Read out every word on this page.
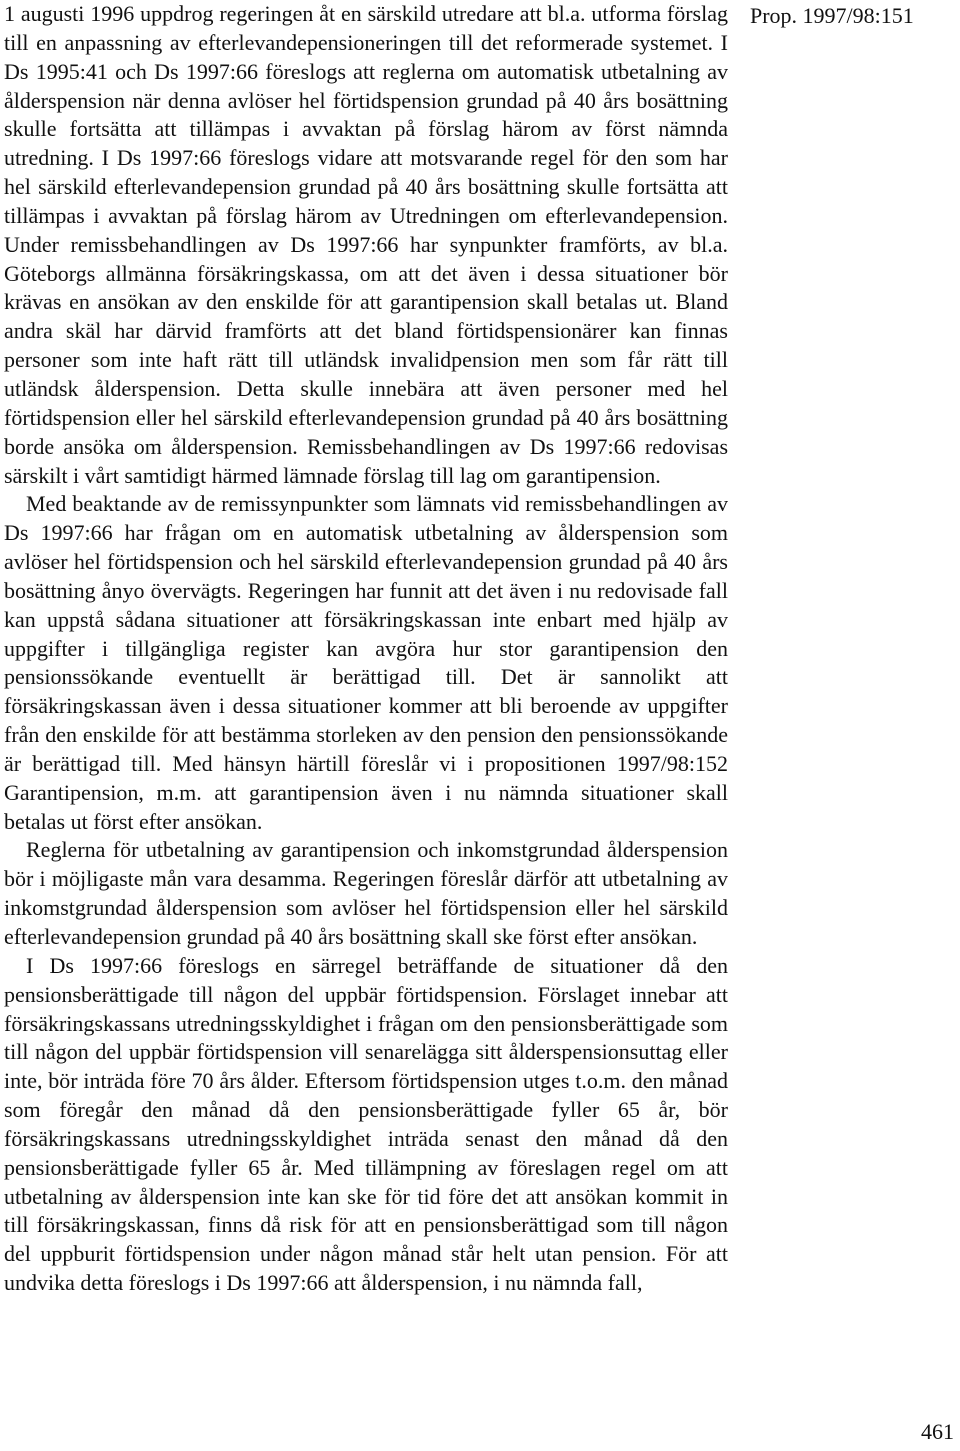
Prop. 1997/98:151

1 augusti 1996 uppdrog regeringen åt en särskild utredare att bl.a. utforma förslag till en anpassning av efterlevandepensioneringen till det reformerade systemet. I Ds 1995:41 och Ds 1997:66 föreslogs att reglerna om automatisk utbetalning av ålderspension när denna avlöser hel förtidspension grundad på 40 års bosättning skulle fortsätta att tillämpas i avvaktan på förslag härom av först nämnda utredning. I Ds 1997:66 föreslogs vidare att motsvarande regel för den som har hel särskild efterlevandepension grundad på 40 års bosättning skulle fortsätta att tillämpas i avvaktan på förslag härom av Utredningen om efterlevandepension. Under remissbehandlingen av Ds 1997:66 har synpunkter framförts, av bl.a. Göteborgs allmänna försäkringskassa, om att det även i dessa situationer bör krävas en ansökan av den enskilde för att garantipension skall betalas ut. Bland andra skäl har därvid framförts att det bland förtidspensionärer kan finnas personer som inte haft rätt till utländsk invalidpension men som får rätt till utländsk ålderspension. Detta skulle innebära att även personer med hel förtidspension eller hel särskild efterlevandepension grundad på 40 års bosättning borde ansöka om ålderspension. Remissbehandlingen av Ds 1997:66 redovisas särskilt i vårt samtidigt härmed lämnade förslag till lag om garantipension.

Med beaktande av de remissynpunkter som lämnats vid remissbehandlingen av Ds 1997:66 har frågan om en automatisk utbetalning av ålderspension som avlöser hel förtidspension och hel särskild efterlevandepension grundad på 40 års bosättning ånyo övervägts. Regeringen har funnit att det även i nu redovisade fall kan uppstå sådana situationer att försäkringskassan inte enbart med hjälp av uppgifter i tillgängliga register kan avgöra hur stor garantipension den pensionssökande eventuellt är berättigad till. Det är sannolikt att försäkringskassan även i dessa situationer kommer att bli beroende av uppgifter från den enskilde för att bestämma storleken av den pension den pensionssökande är berättigad till. Med hänsyn härtill föreslår vi i propositionen 1997/98:152 Garantipension, m.m. att garantipension även i nu nämnda situationer skall betalas ut först efter ansökan.

Reglerna för utbetalning av garantipension och inkomstgrundad ålderspension bör i möjligaste mån vara desamma. Regeringen föreslår därför att utbetalning av inkomstgrundad ålderspension som avlöser hel förtidspension eller hel särskild efterlevandepension grundad på 40 års bosättning skall ske först efter ansökan.

I Ds 1997:66 föreslogs en särregel beträffande de situationer då den pensionsberättigade till någon del uppbär förtidspension. Förslaget innebar att försäkringskassans utredningsskyldighet i frågan om den pensionsberättigade som till någon del uppbär förtidspension vill senarelägga sitt ålderspensionsuttag eller inte, bör inträda före 70 års ålder. Eftersom förtidspension utges t.o.m. den månad som föregår den månad då den pensionsberättigade fyller 65 år, bör försäkringskassans utredningsskyldighet inträda senast den månad då den pensionsberättigade fyller 65 år. Med tillämpning av föreslagen regel om att utbetalning av ålderspension inte kan ske för tid före det att ansökan kommit in till försäkringskassan, finns då risk för att en pensionsberättigad som till någon del uppburit förtidspension under någon månad står helt utan pension. För att undvika detta föreslogs i Ds 1997:66 att ålderspension, i nu nämnda fall,

461
